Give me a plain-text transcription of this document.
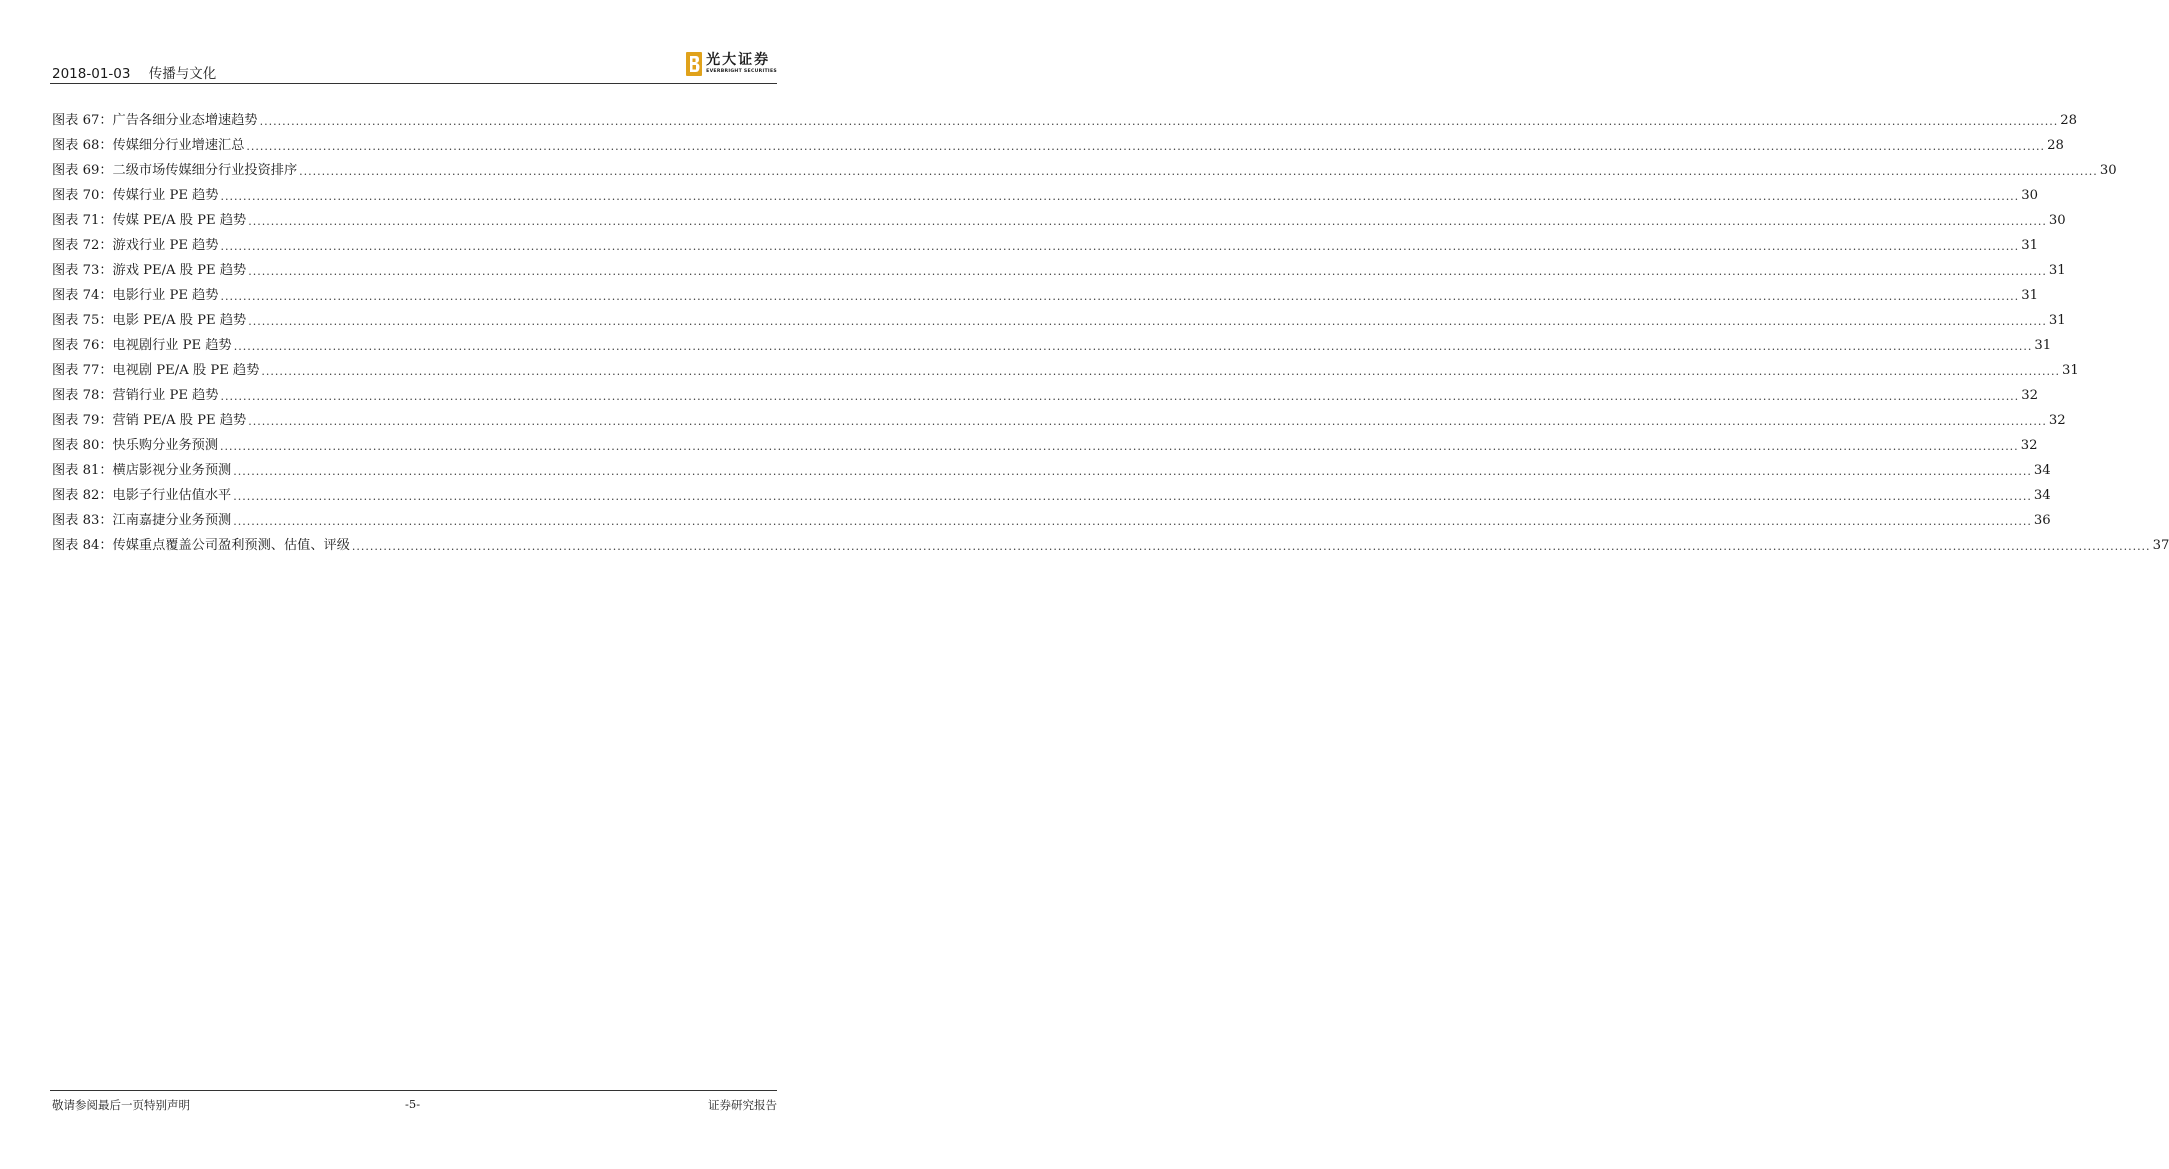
2018-01-03 传播与文化
光大证券
EVERBRIGHT SECURITIES
图表 67：广告各细分业态增速趋势 ................................................................................................................................................................................................................................................................................................................................................................................................................ 28
图表 68：传媒细分行业增速汇总 ................................................................................................................................................................................................................................................................................................................................................................................................................ 28
图表 69：二级市场传媒细分行业投资排序 ................................................................................................................................................................................................................................................................................................................................................................................................................ 30
图表 70：传媒行业 PE 趋势 ................................................................................................................................................................................................................................................................................................................................................................................................................ 30
图表 71：传媒 PE/A 股 PE 趋势 ................................................................................................................................................................................................................................................................................................................................................................................................................ 30
图表 72：游戏行业 PE 趋势 ................................................................................................................................................................................................................................................................................................................................................................................................................ 31
图表 73：游戏 PE/A 股 PE 趋势 ................................................................................................................................................................................................................................................................................................................................................................................................................ 31
图表 74：电影行业 PE 趋势 ................................................................................................................................................................................................................................................................................................................................................................................................................ 31
图表 75：电影 PE/A 股 PE 趋势 ................................................................................................................................................................................................................................................................................................................................................................................................................ 31
图表 76：电视剧行业 PE 趋势 ................................................................................................................................................................................................................................................................................................................................................................................................................ 31
图表 77：电视剧 PE/A 股 PE 趋势 ................................................................................................................................................................................................................................................................................................................................................................................................................ 31
图表 78：营销行业 PE 趋势 ................................................................................................................................................................................................................................................................................................................................................................................................................ 32
图表 79：营销 PE/A 股 PE 趋势 ................................................................................................................................................................................................................................................................................................................................................................................................................ 32
图表 80：快乐购分业务预测 ................................................................................................................................................................................................................................................................................................................................................................................................................ 32
图表 81：横店影视分业务预测 ................................................................................................................................................................................................................................................................................................................................................................................................................ 34
图表 82：电影子行业估值水平 ................................................................................................................................................................................................................................................................................................................................................................................................................ 34
图表 83：江南嘉捷分业务预测 ................................................................................................................................................................................................................................................................................................................................................................................................................ 36
图表 84：传媒重点覆盖公司盈利预测、估值、评级 ................................................................................................................................................................................................................................................................................................................................................................................................................ 37
敬请参阅最后一页特别声明	-5-	证券研究报告
